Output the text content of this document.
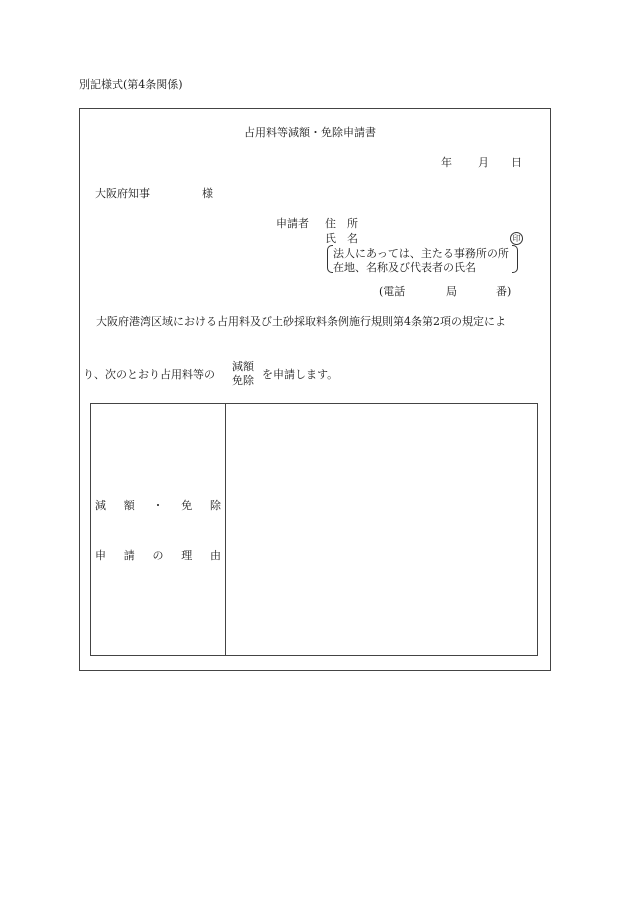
別記様式(第4条関係)
占用料等減額・免除申請書
年 月 日
大阪府知事	様
申請者 住　所
氏　名	印
法人にあっては、主たる事務所の所
在地、名称及び代表者の氏名
(電話	局	番)
大阪府港湾区域における占用料及び土砂採取料条例施行規則第4条第2項の規定によ
り、次のとおり占用料等の
減額
免除 を申請します。
減 額 ・ 免 除
申 請 の 理 由
